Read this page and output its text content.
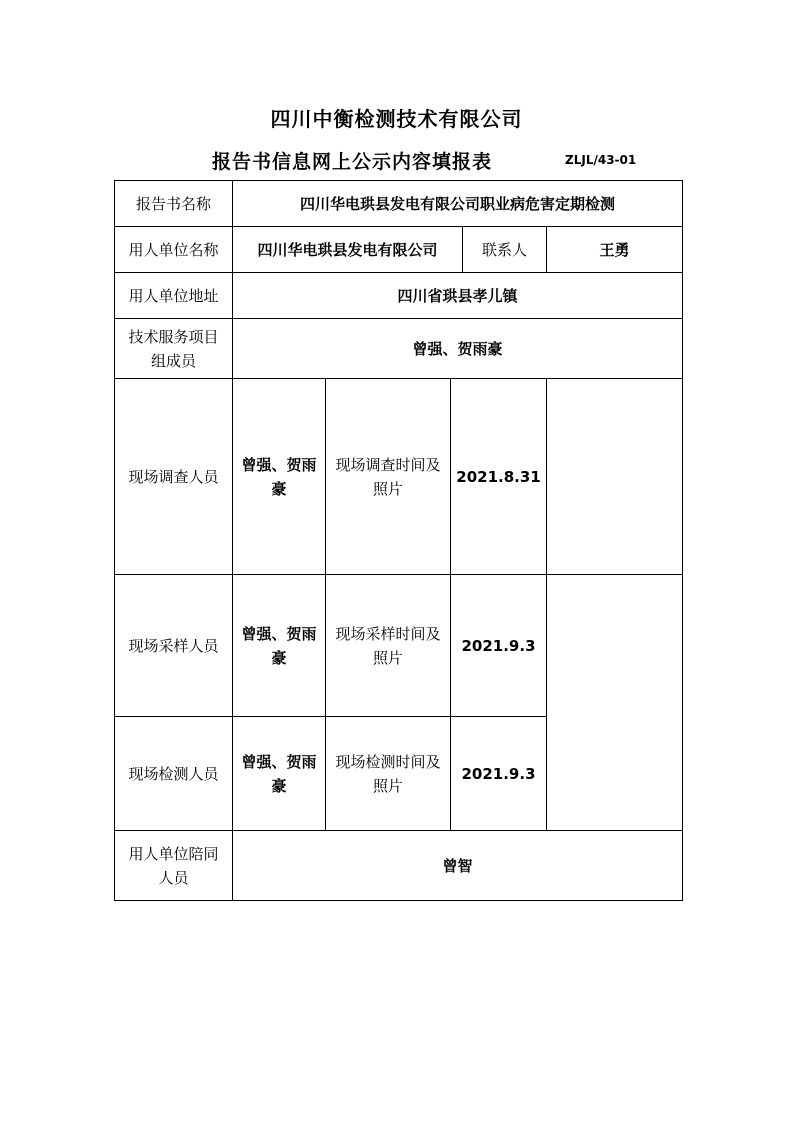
四川中衡检测技术有限公司
报告书信息网上公示内容填报表	ZLJL/43-01
报告书名称	四川华电珙县发电有限公司职业病危害定期检测				
用人单位名称	四川华电珙县发电有限公司			联系人	王勇
用人单位地址	四川省珙县孝儿镇				
技术服务项目组成员	曾强、贺雨豪				
现场调查人员	曾强、贺雨豪	现场调查时间及照片	2021.8.31		
现场采样人员	曾强、贺雨豪	现场采样时间及照片	2021.9.3		
现场检测人员	曾强、贺雨豪	现场检测时间及照片	2021.9.3		
用人单位陪同人员	曾智				
